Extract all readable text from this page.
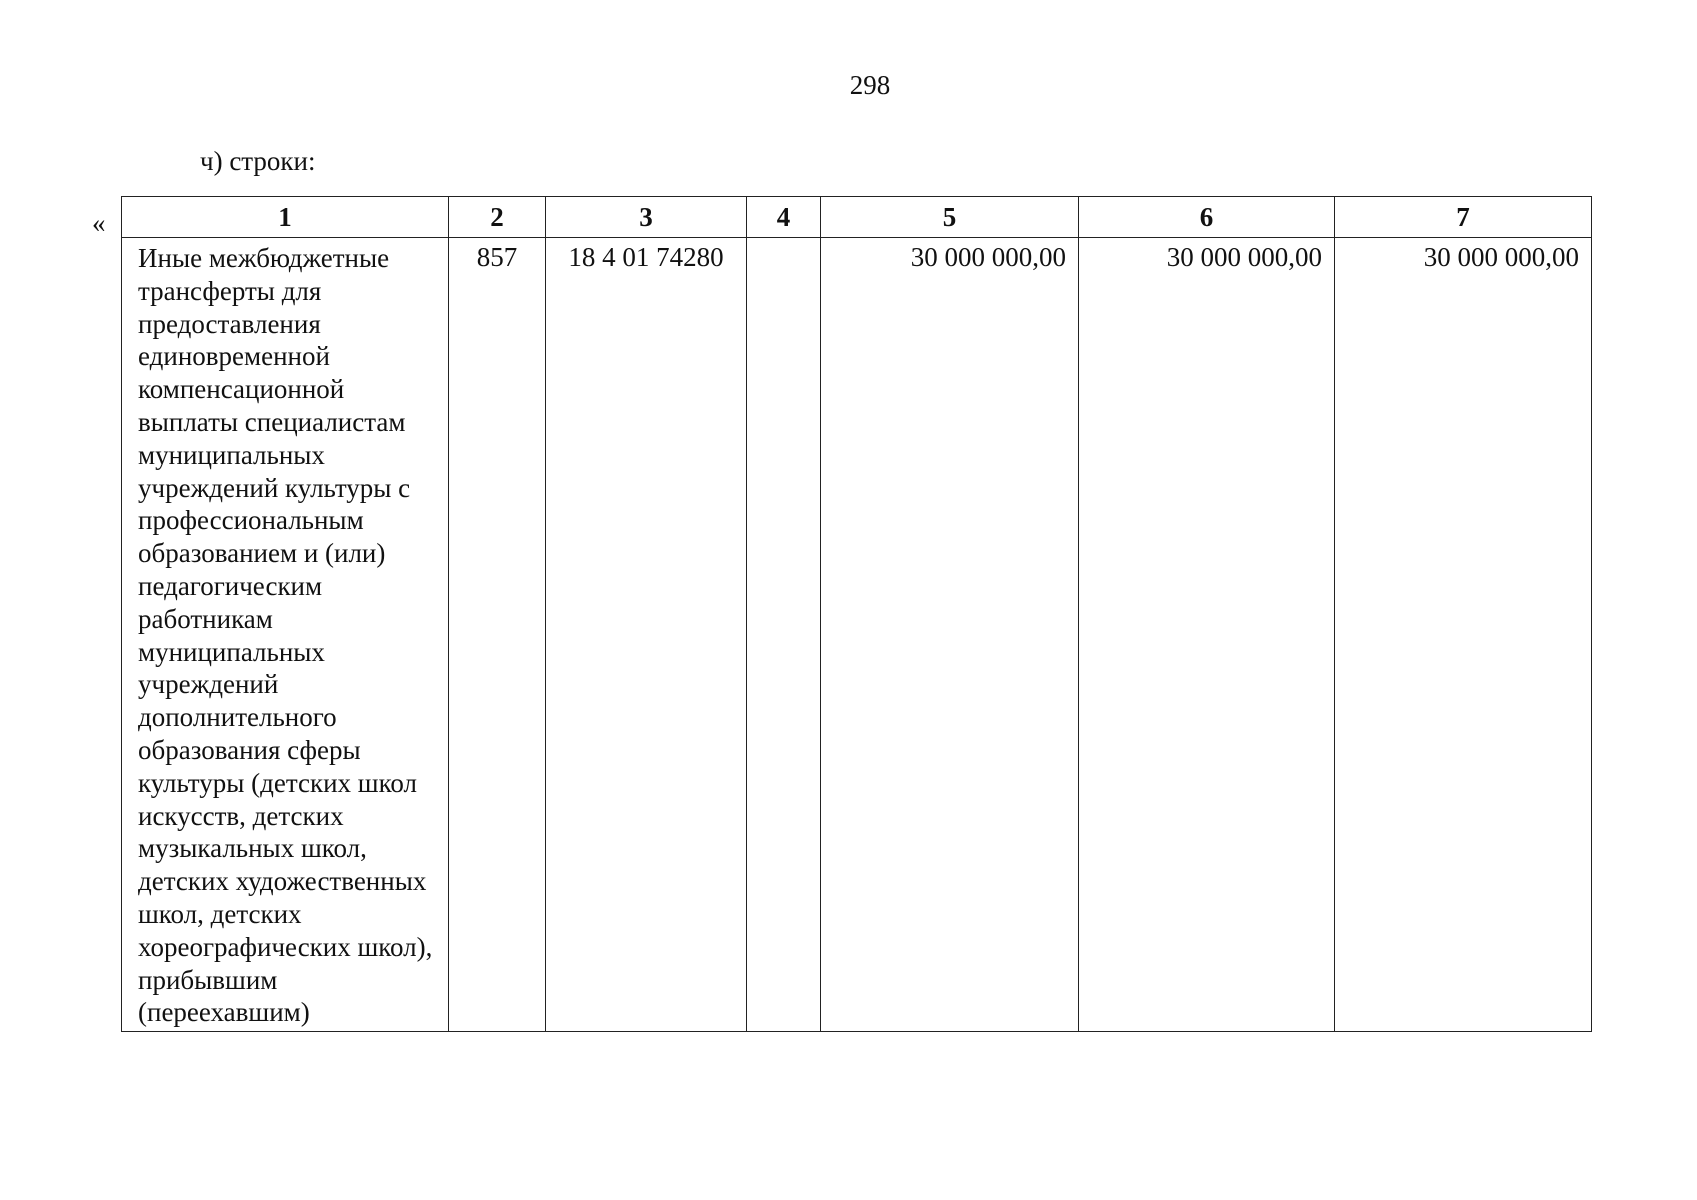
298
ч) строки:
«	1	2	3	4	5	6	7
Иные межбюджетные трансферты для предоставления единовременной компенсационной выплаты специалистам муниципальных учреждений культуры с профессиональным образованием и (или) педагогическим работникам муниципальных учреждений дополнительного образования сферы культуры (детских школ искусств, детских музыкальных школ, детских художественных школ, детских хореографических школ), прибывшим (переехавшим)	857	18 4 01 74280		30 000 000,00	30 000 000,00	30 000 000,00
